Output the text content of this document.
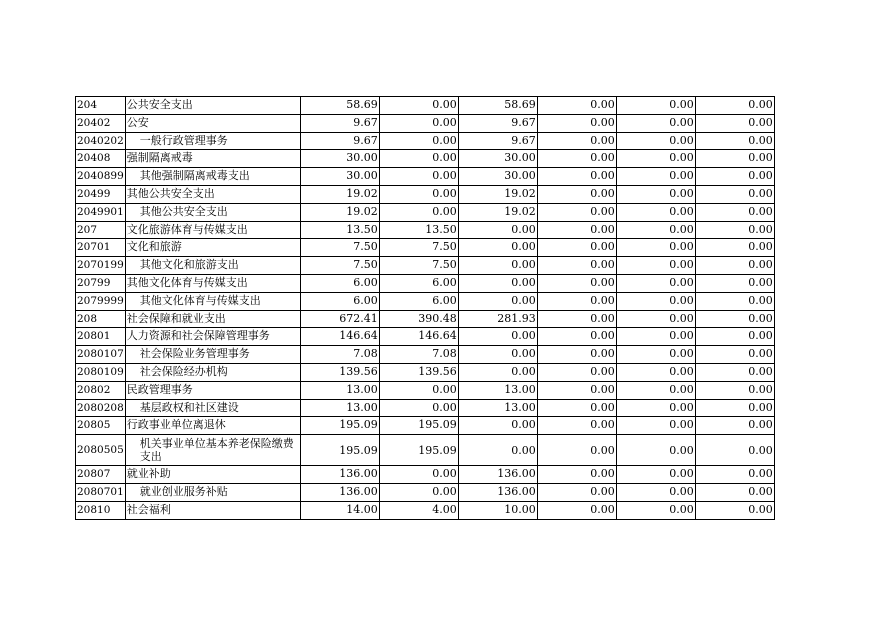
204	公共安全支出	58.69	0.00	58.69	0.00	0.00	0.00
20402	公安	9.67	0.00	9.67	0.00	0.00	0.00
2040202	一般行政管理事务	9.67	0.00	9.67	0.00	0.00	0.00
20408	强制隔离戒毒	30.00	0.00	30.00	0.00	0.00	0.00
2040899	其他强制隔离戒毒支出	30.00	0.00	30.00	0.00	0.00	0.00
20499	其他公共安全支出	19.02	0.00	19.02	0.00	0.00	0.00
2049901	其他公共安全支出	19.02	0.00	19.02	0.00	0.00	0.00
207	文化旅游体育与传媒支出	13.50	13.50	0.00	0.00	0.00	0.00
20701	文化和旅游	7.50	7.50	0.00	0.00	0.00	0.00
2070199	其他文化和旅游支出	7.50	7.50	0.00	0.00	0.00	0.00
20799	其他文化体育与传媒支出	6.00	6.00	0.00	0.00	0.00	0.00
2079999	其他文化体育与传媒支出	6.00	6.00	0.00	0.00	0.00	0.00
208	社会保障和就业支出	672.41	390.48	281.93	0.00	0.00	0.00
20801	人力资源和社会保障管理事务	146.64	146.64	0.00	0.00	0.00	0.00
2080107	社会保险业务管理事务	7.08	7.08	0.00	0.00	0.00	0.00
2080109	社会保险经办机构	139.56	139.56	0.00	0.00	0.00	0.00
20802	民政管理事务	13.00	0.00	13.00	0.00	0.00	0.00
2080208	基层政权和社区建设	13.00	0.00	13.00	0.00	0.00	0.00
20805	行政事业单位离退休	195.09	195.09	0.00	0.00	0.00	0.00
2080505	机关事业单位基本养老保险缴费支出	195.09	195.09	0.00	0.00	0.00	0.00
20807	就业补助	136.00	0.00	136.00	0.00	0.00	0.00
2080701	就业创业服务补贴	136.00	0.00	136.00	0.00	0.00	0.00
20810	社会福利	14.00	4.00	10.00	0.00	0.00	0.00
